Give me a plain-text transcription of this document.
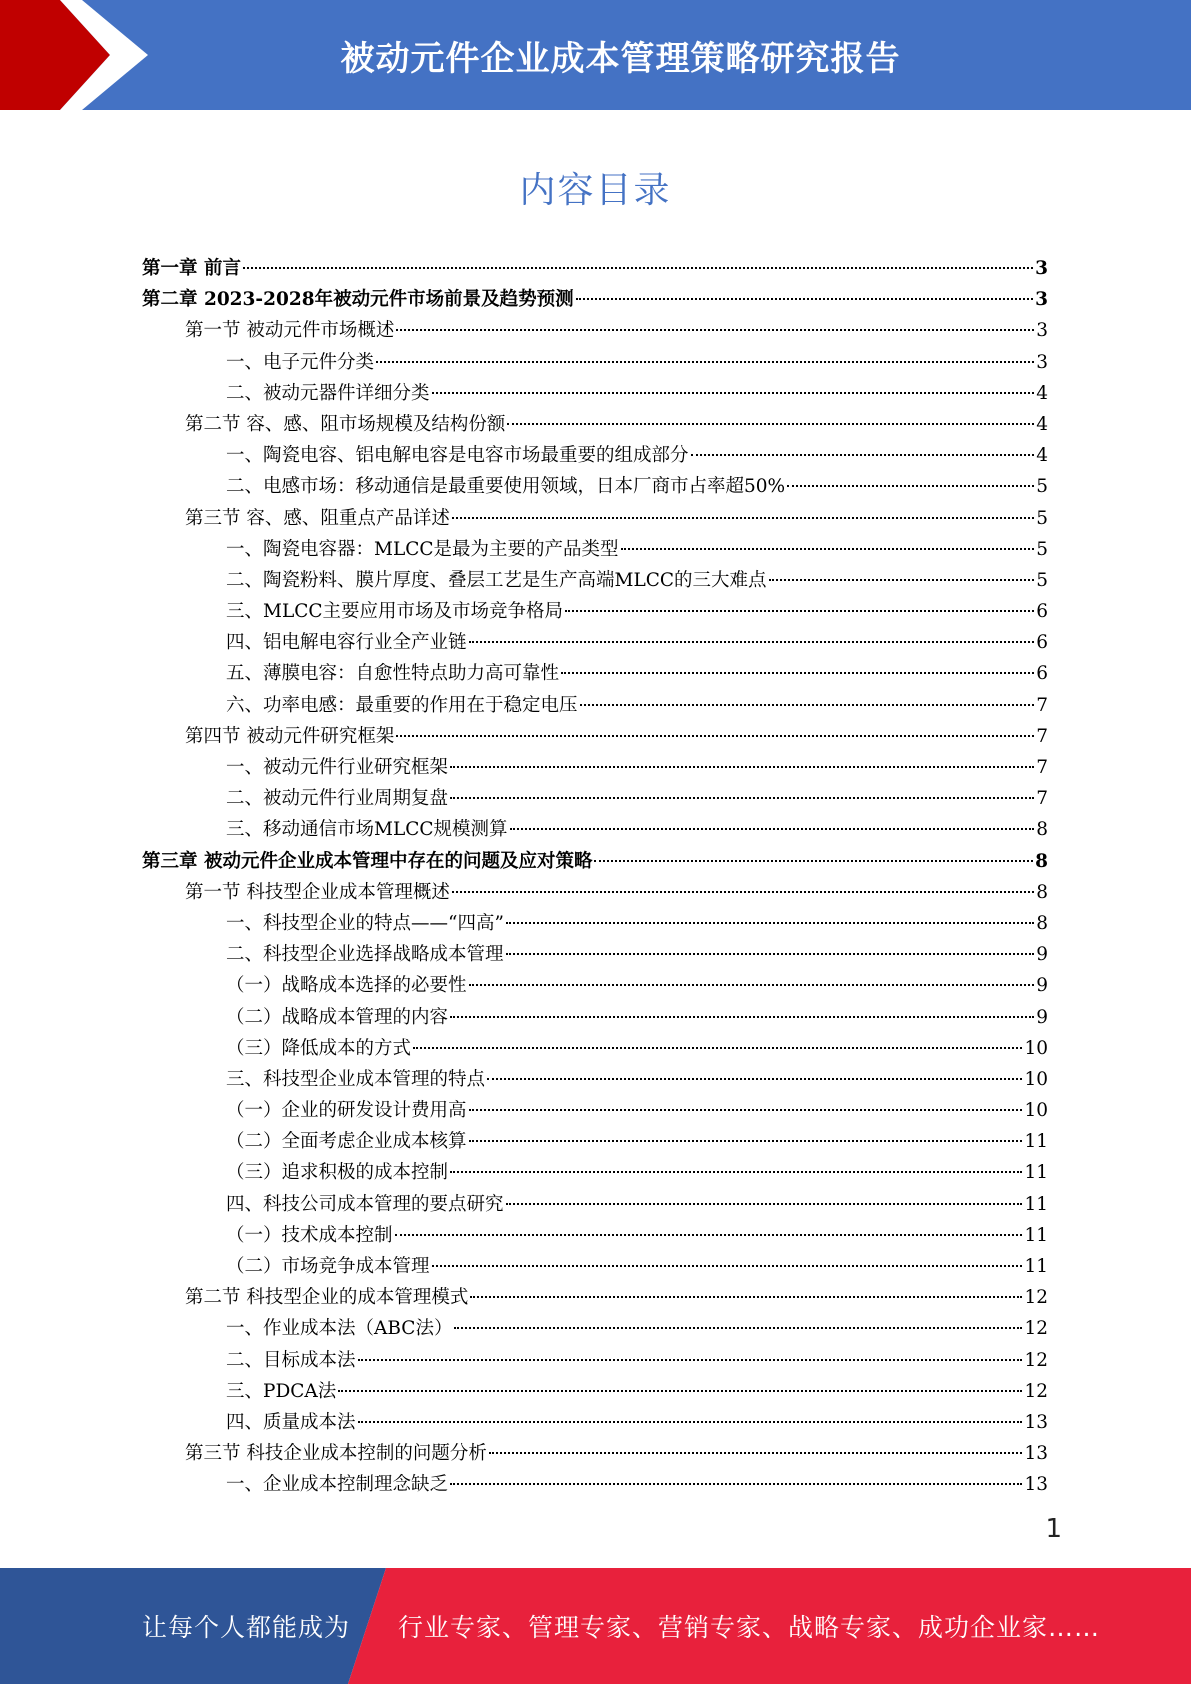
被动元件企业成本管理策略研究报告
内容目录
第一章 前言	3
第二章 2023-2028年被动元件市场前景及趋势预测	3
第一节 被动元件市场概述	3
一、电子元件分类	3
二、被动元器件详细分类	4
第二节 容、感、阻市场规模及结构份额	4
一、陶瓷电容、铝电解电容是电容市场最重要的组成部分	4
二、电感市场：移动通信是最重要使用领域，日本厂商市占率超50%	5
第三节 容、感、阻重点产品详述	5
一、陶瓷电容器：MLCC是最为主要的产品类型	5
二、陶瓷粉料、膜片厚度、叠层工艺是生产高端MLCC的三大难点	5
三、MLCC主要应用市场及市场竞争格局	6
四、铝电解电容行业全产业链	6
五、薄膜电容：自愈性特点助力高可靠性	6
六、功率电感：最重要的作用在于稳定电压	7
第四节 被动元件研究框架	7
一、被动元件行业研究框架	7
二、被动元件行业周期复盘	7
三、移动通信市场MLCC规模测算	8
第三章 被动元件企业成本管理中存在的问题及应对策略	8
第一节 科技型企业成本管理概述	8
一、科技型企业的特点——“四高”	8
二、科技型企业选择战略成本管理	9
（一）战略成本选择的必要性	9
（二）战略成本管理的内容	9
（三）降低成本的方式	10
三、科技型企业成本管理的特点	10
（一）企业的研发设计费用高	10
（二）全面考虑企业成本核算	11
（三）追求积极的成本控制	11
四、科技公司成本管理的要点研究	11
（一）技术成本控制	11
（二）市场竞争成本管理	11
第二节 科技型企业的成本管理模式	12
一、作业成本法（ABC法）	12
二、目标成本法	12
三、PDCA法	12
四、质量成本法	13
第三节 科技企业成本控制的问题分析	13
一、企业成本控制理念缺乏	13
1
让每个人都能成为 行业专家、管理专家、营销专家、战略专家、成功企业家……
